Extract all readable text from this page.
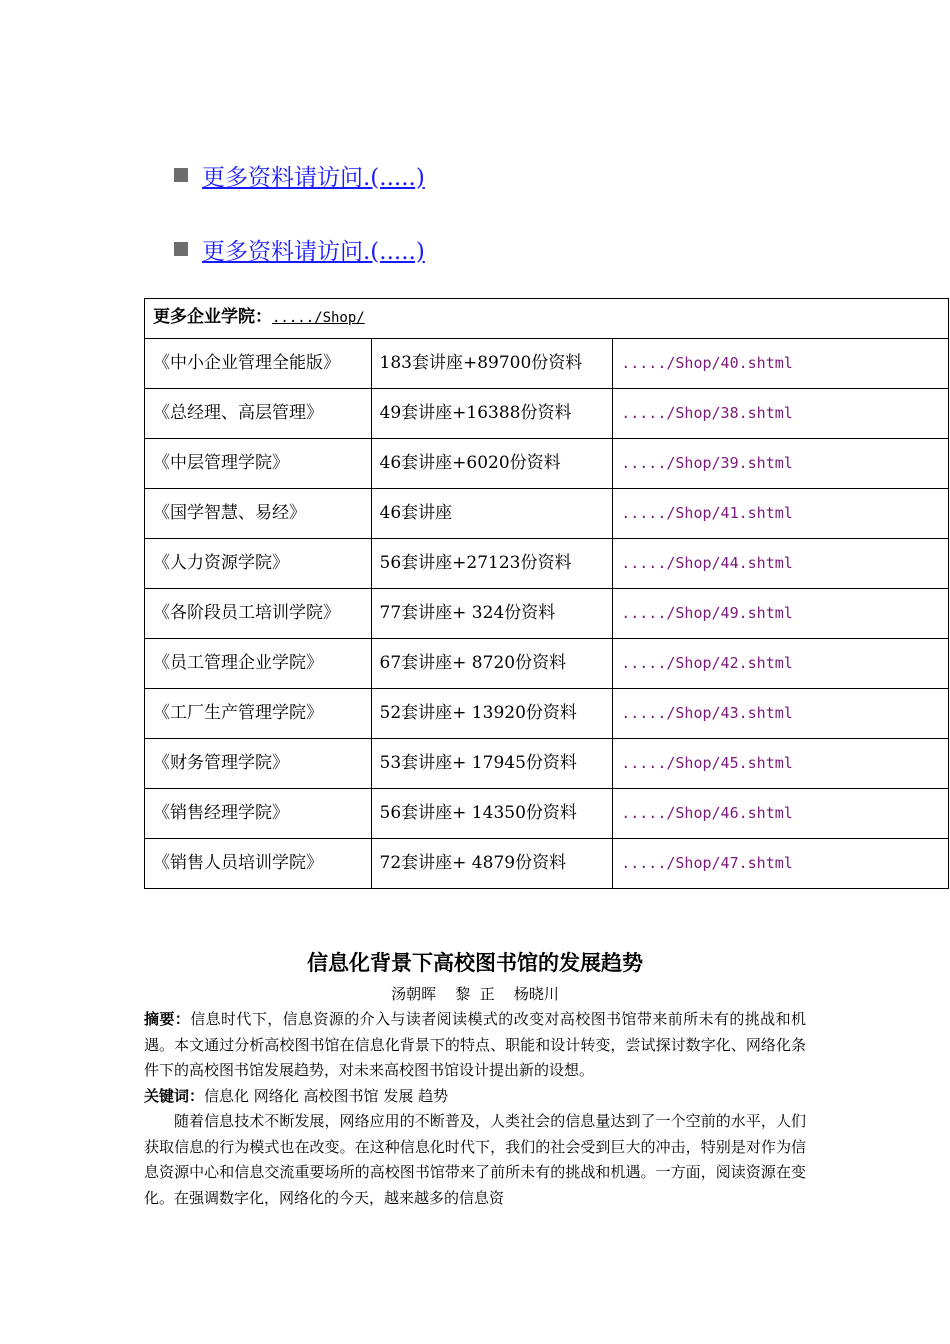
更多资料请访问.(.....)
更多资料请访问.(.....)
更多企业学院：...../Shop/		
《中小企业管理全能版》	183套讲座+89700份资料	...../Shop/40.shtml
《总经理、高层管理》	49套讲座+16388份资料	...../Shop/38.shtml
《中层管理学院》	46套讲座+6020份资料	...../Shop/39.shtml
《国学智慧、易经》	46套讲座	...../Shop/41.shtml
《人力资源学院》	56套讲座+27123份资料	...../Shop/44.shtml
《各阶段员工培训学院》	77套讲座+ 324份资料	...../Shop/49.shtml
《员工管理企业学院》	67套讲座+ 8720份资料	...../Shop/42.shtml
《工厂生产管理学院》	52套讲座+ 13920份资料	...../Shop/43.shtml
《财务管理学院》	53套讲座+ 17945份资料	...../Shop/45.shtml
《销售经理学院》	56套讲座+ 14350份资料	...../Shop/46.shtml
《销售人员培训学院》	72套讲座+ 4879份资料	...../Shop/47.shtml
信息化背景下高校图书馆的发展趋势
汤朝晖    黎  正    杨晓川

摘要：信息时代下，信息资源的介入与读者阅读模式的改变对高校图书馆带来前所未有的挑战和机遇。本文通过分析高校图书馆在信息化背景下的特点、职能和设计转变，尝试探讨数字化、网络化条件下的高校图书馆发展趋势，对未来高校图书馆设计提出新的设想。

关键词：信息化 网络化 高校图书馆 发展 趋势

随着信息技术不断发展，网络应用的不断普及，人类社会的信息量达到了一个空前的水平，人们获取信息的行为模式也在改变。在这种信息化时代下，我们的社会受到巨大的冲击，特别是对作为信息资源中心和信息交流重要场所的高校图书馆带来了前所未有的挑战和机遇。一方面，阅读资源在变化。在强调数字化，网络化的今天，越来越多的信息资
